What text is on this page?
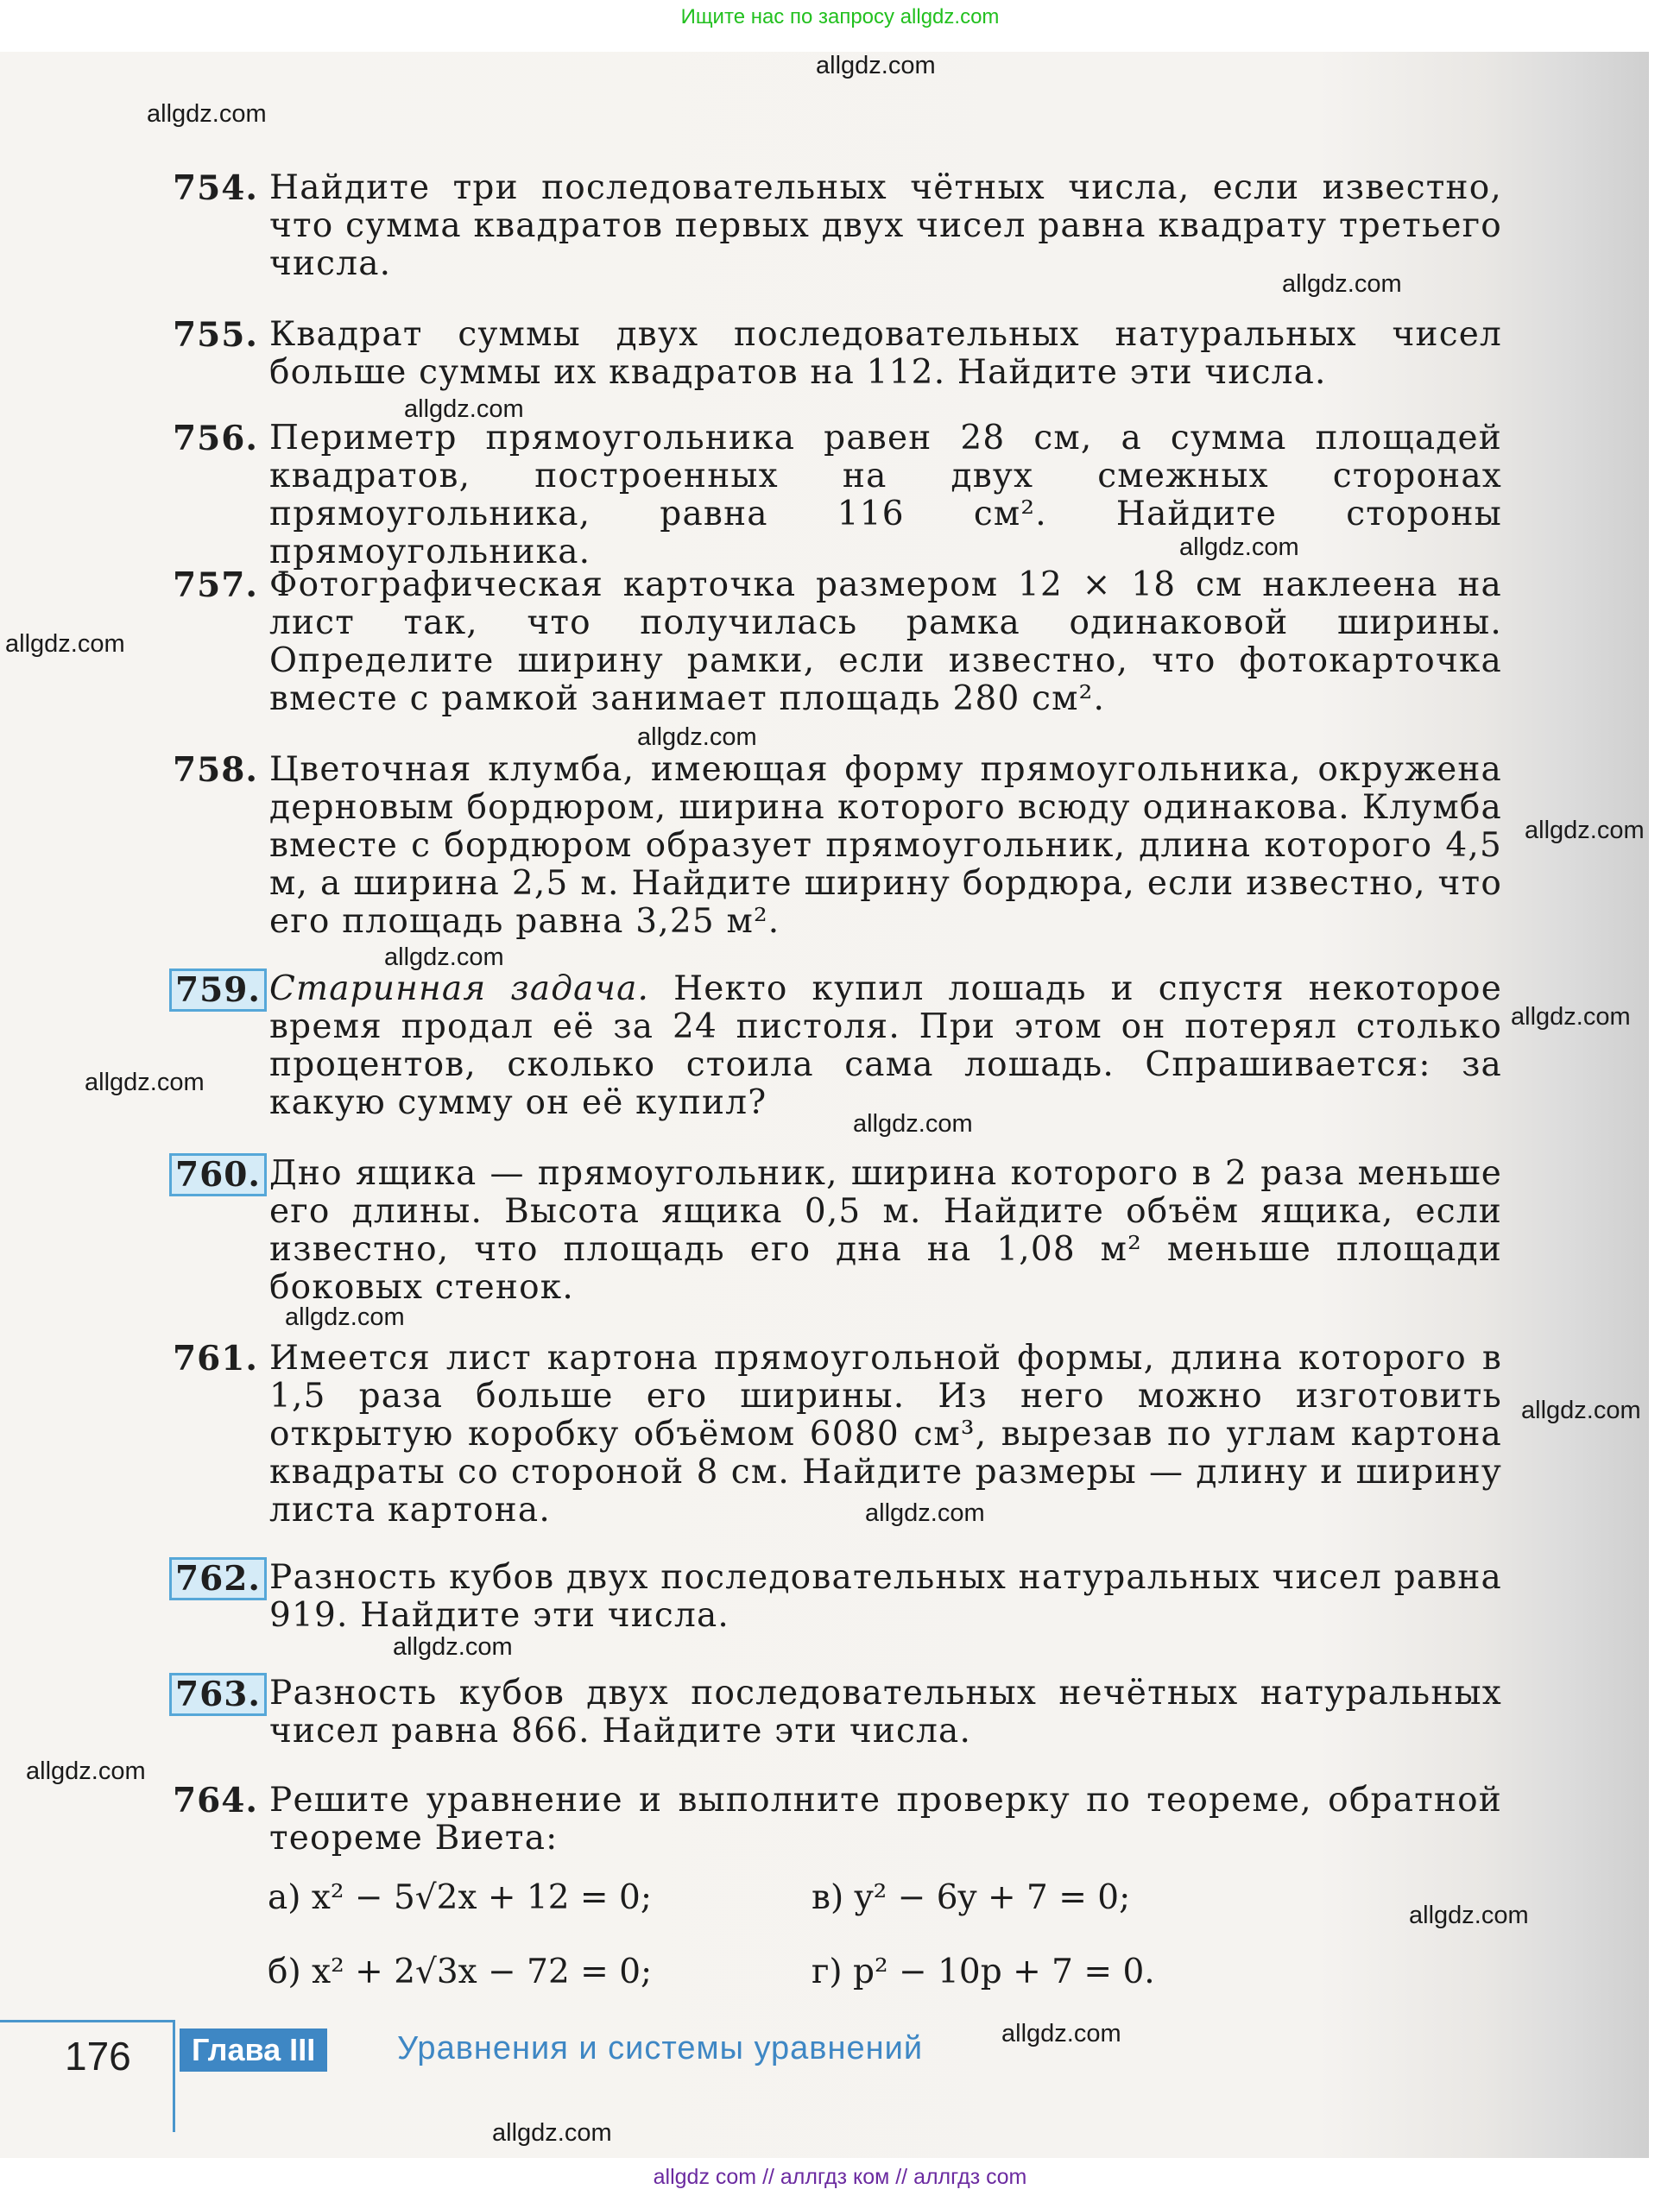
Ищите нас по запросу allgdz.com
allgdz.com
allgdz.com
allgdz.com
allgdz.com
allgdz.com
allgdz.com
allgdz.com
allgdz.com
allgdz.com
allgdz.com
allgdz.com
allgdz.com
allgdz.com
allgdz.com
allgdz.com
allgdz.com
allgdz.com
allgdz.com
allgdz.com
allgdz.com
754. Найдите три последовательных чётных числа, если известно, что сумма квадратов первых двух чисел равна квадрату третьего числа.
755. Квадрат суммы двух последовательных натуральных чисел больше суммы их квадратов на 112. Найдите эти числа.
756. Периметр прямоугольника равен 28 см, а сумма площадей квадратов, построенных на двух смежных сторонах прямоугольника, равна 116 см². Найдите стороны прямоугольника.
757. Фотографическая карточка размером 12 × 18 см наклеена на лист так, что получилась рамка одинаковой ширины. Определите ширину рамки, если известно, что фотокарточка вместе с рамкой занимает площадь 280 см².
758. Цветочная клумба, имеющая форму прямоугольника, окружена дерновым бордюром, ширина которого всюду одинакова. Клумба вместе с бордюром образует прямоугольник, длина которого 4,5 м, а ширина 2,5 м. Найдите ширину бордюра, если известно, что его площадь равна 3,25 м².
759. Старинная задача. Некто купил лошадь и спустя некоторое время продал её за 24 пистоля. При этом он потерял столько процентов, сколько стоила сама лошадь. Спрашивается: за какую сумму он её купил?
760. Дно ящика — прямоугольник, ширина которого в 2 раза меньше его длины. Высота ящика 0,5 м. Найдите объём ящика, если известно, что площадь его дна на 1,08 м² меньше площади боковых стенок.
761. Имеется лист картона прямоугольной формы, длина которого в 1,5 раза больше его ширины. Из него можно изготовить открытую коробку объёмом 6080 см³, вырезав по углам картона квадраты со стороной 8 см. Найдите размеры — длину и ширину листа картона.
762. Разность кубов двух последовательных натуральных чисел равна 919. Найдите эти числа.
763. Разность кубов двух последовательных нечётных натуральных чисел равна 866. Найдите эти числа.
764. Решите уравнение и выполните проверку по теореме, обратной теореме Виета:
а) x² − 5√2x + 12 = 0;	в) y² − 6y + 7 = 0;
б) x² + 2√3x − 72 = 0;	г) p² − 10p + 7 = 0.
176	Глава III	Уравнения и системы уравнений
allgdz com // аллгдз ком // аллгдз com
